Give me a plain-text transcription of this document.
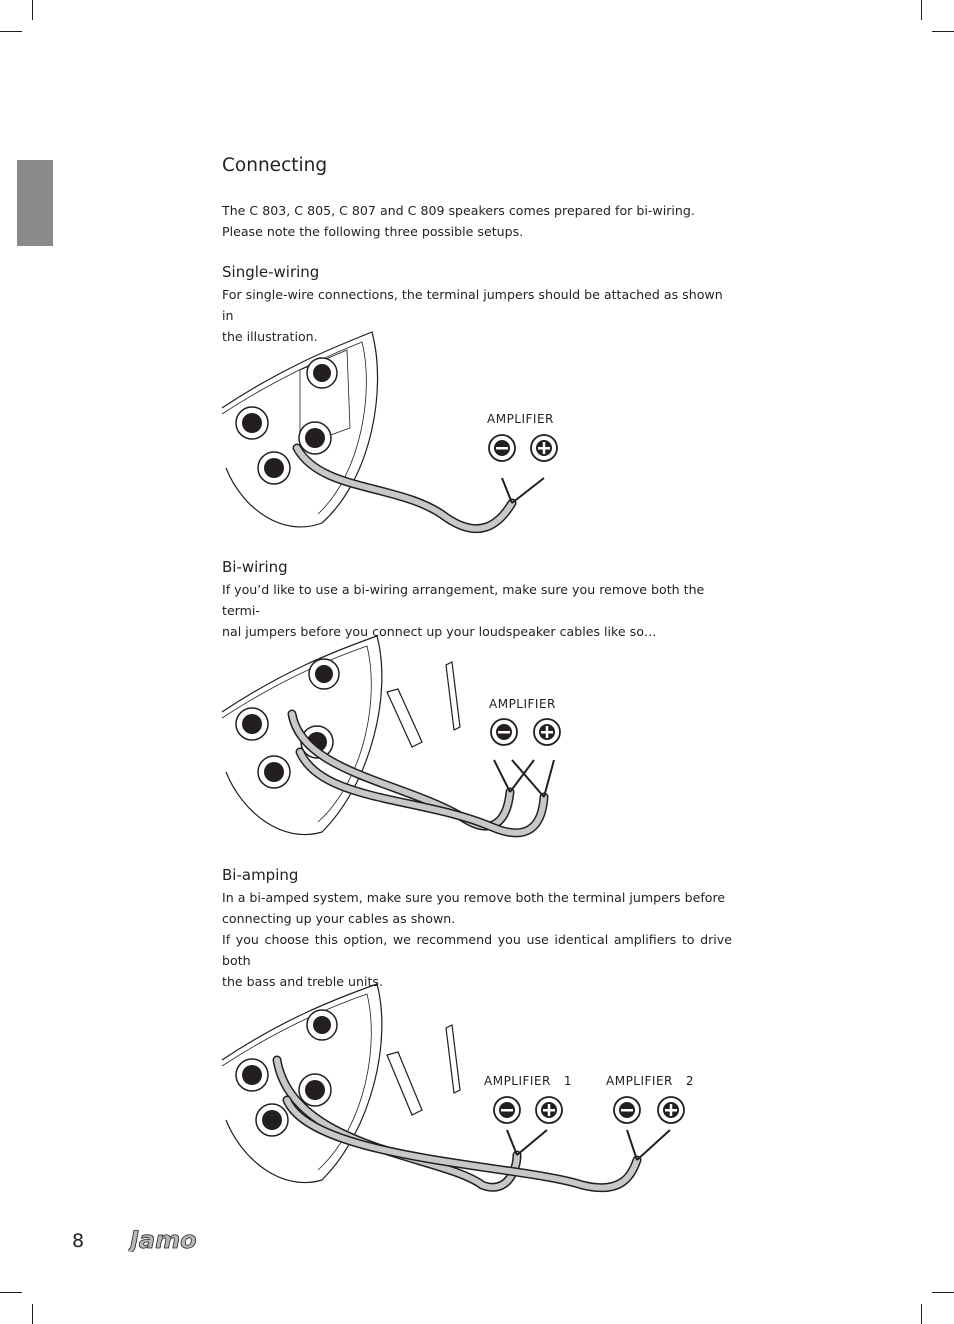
Connecting

The C 803, C 805, C 807 and C 809 speakers comes prepared for bi-wiring.
Please note the following three possible setups.

Single-wiring

For single-wire connections, the terminal jumpers should be attached as shown in
the illustration.

AMPLIFIER
Bi-wiring

If you’d like to use a bi-wiring arrangement, make sure you remove both the termi-
nal jumpers before you connect up your loudspeaker cables like so…

AMPLIFIER
Bi-amping

In a bi-amped system, make sure you remove both the terminal jumpers before
connecting up your cables as shown.
If you choose this option, we recommend you use identical amplifiers to drive both
the bass and treble units.

AMPLIFIER   1	AMPLIFIER   2
8 Jamo
